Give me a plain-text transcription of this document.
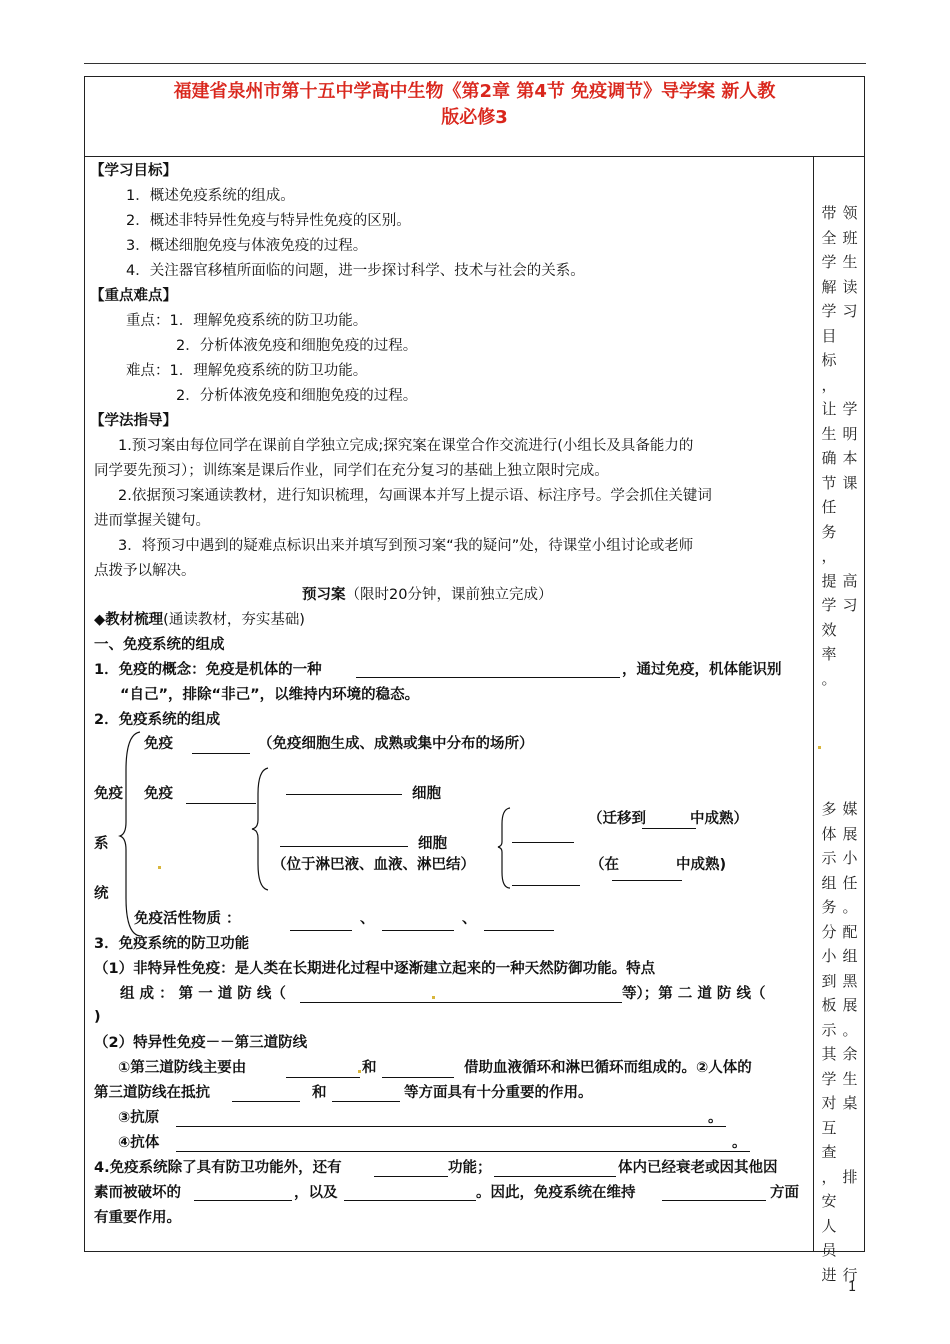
福建省泉州市第十五中学高中生物《第2章 第4节 免疫调节》导学案 新人教
版必修3
带
全
学
解
学
目
标
，
让
生
确
节
任
务
，
提
学
效
率
。
领
班
生
读
习

学
明
本
课

高
习

多
体
示
组
务
分
小
到
板
示
其
学
对
互
查
，
安
人
员
进
媒
展
小
任
。
配
组
黑
展
。
余
生
桌

排

行
【学习目标】
1．概述免疫系统的组成。
2．概述非特异性免疫与特异性免疫的区别。
3．概述细胞免疫与体液免疫的过程。
4．关注器官移植所面临的问题，进一步探讨科学、技术与社会的关系。
【重点难点】
重点：1．理解免疫系统的防卫功能。
2．分析体液免疫和细胞免疫的过程。
难点：1．理解免疫系统的防卫功能。
2．分析体液免疫和细胞免疫的过程。
【学法指导】
1.预习案由每位同学在课前自学独立完成;探究案在课堂合作交流进行(小组长及具备能力的
同学要先预习）；训练案是课后作业，同学们在充分复习的基础上独立限时完成。
2.依据预习案通读教材，进行知识梳理，勾画课本并写上提示语、标注序号。学会抓住关键词
进而掌握关键句。
3．将预习中遇到的疑难点标识出来并填写到预习案“我的疑问”处，待课堂小组讨论或老师
点拨予以解决。
预习案（限时20分钟，课前独立完成）
◆教材梳理(通读教材，夯实基础)
一、免疫系统的组成
1．免疫的概念：免疫是机体的一种	，通过免疫，机体能识别
“自己”，排除“非己”，以维持内环境的稳态。
2．免疫系统的组成
免疫
系
统
免疫	（免疫细胞生成、成熟或集中分布的场所）
免疫	细胞
细胞
（位于淋巴液、血液、淋巴结）
（迁移到	中成熟）
（在	中成熟)
免疫活性物质 ：	、	、
3．免疫系统的防卫功能
（1）非特异性免疫：是人类在长期进化过程中逐渐建立起来的一种天然防御功能。特点
组 成 ： 第 一 道 防 线（	等）；第 二 道 防 线（
)
（2）特异性免疫－－第三道防线
①第三道防线主要由	和	借助血液循环和淋巴循环而组成的。②人体的
第三道防线在抵抗	和	等方面具有十分重要的作用。
③抗原	。
④抗体	。
4.免疫系统除了具有防卫功能外，还有	功能；	体内已经衰老或因其他因
素而被破坏的	，以及	。因此，免疫系统在维持	方面
有重要作用。
1
